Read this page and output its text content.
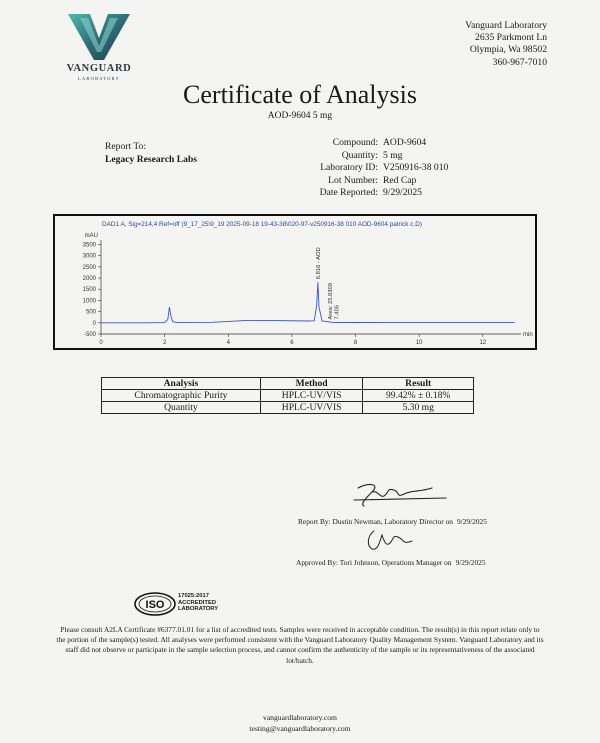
VANGUARD
LABORATORY
Vanguard Laboratory
2635 Parkmont Ln
Olympia, Wa 98502
360-967-7010
Certificate of Analysis
AOD-9604 5 mg
Report To:
Legacy Research Labs
Compound: AOD-9604
Quantity: 5 mg
Laboratory ID: V250916-38 010
Lot Number: Red Cap
Date Reported: 9/29/2025
DAD1 A, Sig=214,4 Ref=off (9_17_25\9_19 2025-09-18 19-43-38\020-97-v250916-38 010 AOD-9604 patrick c.D)
mAU
min
-500
0
500
1000
1500
2000
2500
3000
3500
0	2	4	6	8	10	12
6.816 - AOD
Area: 25.8309 7.405
Analysis	Method	Result
Chromatographic Purity	HPLC-UV/VIS	99.42% ± 0.18%
Quantity	HPLC-UV/VIS	5.30 mg
Report By: Dustin Newman, Laboratory Director on 9/29/2025
Approved By: Tori Johnson, Operations Manager on 9/29/2025
ISO
17025:2017
ACCREDITED
LABORATORY
Please consult A2LA Certificate #6377.01.01 for a list of accredited tests. Samples were received in acceptable condition. The result(s) in this report relate only to the portion of the sample(s) tested. All analyses were performed consistent with the Vanguard Laboratory Quality Management System. Vanguard Laboratory and its staff did not observe or participate in the sample selection process, and cannot confirm the authenticity of the sample or its representativeness of the associated lot/batch.
vanguardlaboratory.com
testing@vanguardlaboratory.com
